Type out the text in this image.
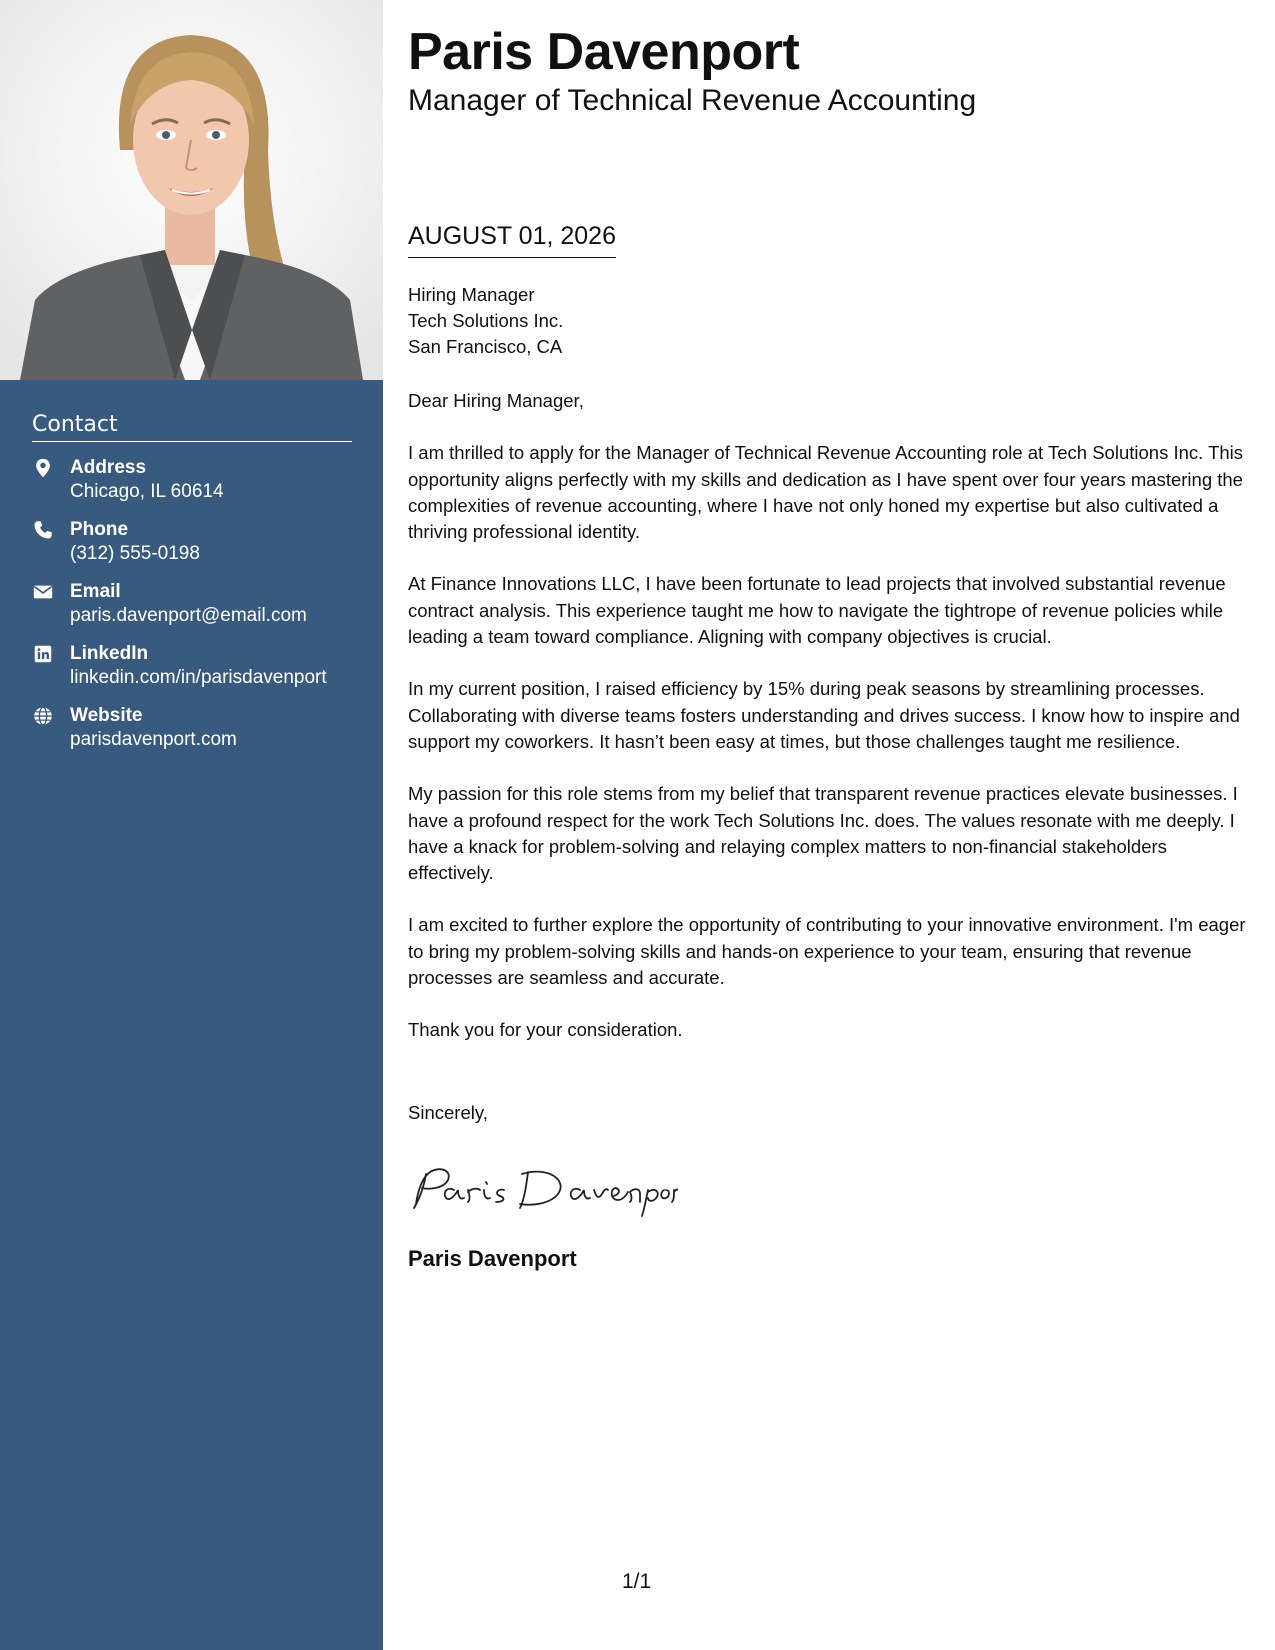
Contact
Address
Chicago, IL 60614
Phone
(312) 555-0198
Email
paris.davenport@email.com
LinkedIn
linkedin.com/in/parisdavenport
Website
parisdavenport.com
Paris Davenport
Manager of Technical Revenue Accounting
AUGUST 01, 2026
Hiring Manager
Tech Solutions Inc.
San Francisco, CA

Dear Hiring Manager,

I am thrilled to apply for the Manager of Technical Revenue Accounting role at Tech Solutions Inc. This opportunity aligns perfectly with my skills and dedication as I have spent over four years mastering the complexities of revenue accounting, where I have not only honed my expertise but also cultivated a thriving professional identity.

At Finance Innovations LLC, I have been fortunate to lead projects that involved substantial revenue contract analysis. This experience taught me how to navigate the tightrope of revenue policies while leading a team toward compliance. Aligning with company objectives is crucial.

In my current position, I raised efficiency by 15% during peak seasons by streamlining processes. Collaborating with diverse teams fosters understanding and drives success. I know how to inspire and support my coworkers. It hasn’t been easy at times, but those challenges taught me resilience.

My passion for this role stems from my belief that transparent revenue practices elevate businesses. I have a profound respect for the work Tech Solutions Inc. does. The values resonate with me deeply. I have a knack for problem-solving and relaying complex matters to non-financial stakeholders effectively.

I am excited to further explore the opportunity of contributing to your innovative environment. I'm eager to bring my problem-solving skills and hands-on experience to your team, ensuring that revenue processes are seamless and accurate.

Thank you for your consideration.

Sincerely,
Paris Davenport
1/1
